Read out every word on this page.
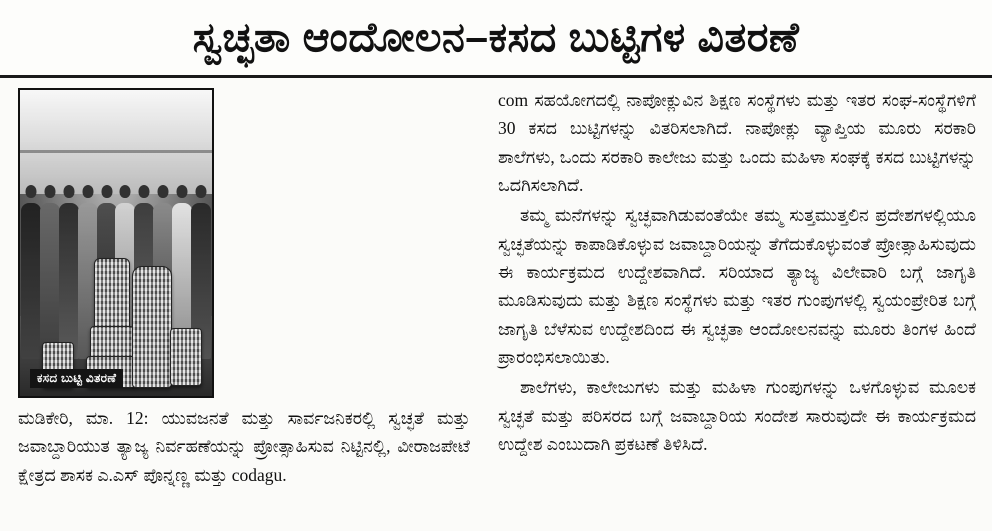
ಸ್ವಚ್ಛತಾ ಆಂದೋಲನ–ಕಸದ ಬುಟ್ಟಿಗಳ ವಿತರಣೆ
ಕಸದ ಬುಟ್ಟಿ ವಿತರಣೆ

com ಸಹಯೋಗದಲ್ಲಿ ನಾಪೋಕ್ಲುವಿನ ಶಿಕ್ಷಣ ಸಂಸ್ಥೆಗಳು ಮತ್ತು ಇತರ ಸಂಘ-ಸಂಸ್ಥೆಗಳಿಗೆ 30 ಕಸದ ಬುಟ್ಟಿಗಳನ್ನು ವಿತರಿಸಲಾಗಿದೆ. ನಾಪೋಕ್ಲು ವ್ಯಾಪ್ತಿಯ ಮೂರು ಸರಕಾರಿ ಶಾಲೆಗಳು, ಒಂದು ಸರಕಾರಿ ಕಾಲೇಜು ಮತ್ತು ಒಂದು ಮಹಿಳಾ ಸಂಘಕ್ಕೆ ಕಸದ ಬುಟ್ಟಿಗಳನ್ನು ಒದಗಿಸಲಾಗಿದೆ.

ತಮ್ಮ ಮನೆಗಳನ್ನು ಸ್ವಚ್ಛವಾಗಿಡುವಂತೆಯೇ ತಮ್ಮ ಸುತ್ತಮುತ್ತಲಿನ ಪ್ರದೇಶಗಳಲ್ಲಿಯೂ ಸ್ವಚ್ಛತೆಯನ್ನು ಕಾಪಾಡಿಕೊಳ್ಳುವ ಜವಾಬ್ದಾರಿಯನ್ನು ತೆಗೆದುಕೊಳ್ಳುವಂತೆ ಪ್ರೋತ್ಸಾಹಿಸುವುದು ಈ ಕಾರ್ಯಕ್ರಮದ ಉದ್ದೇಶವಾಗಿದೆ. ಸರಿಯಾದ ತ್ಯಾಜ್ಯ ವಿಲೇವಾರಿ ಬಗ್ಗೆ ಜಾಗೃತಿ ಮೂಡಿಸುವುದು ಮತ್ತು ಶಿಕ್ಷಣ ಸಂಸ್ಥೆಗಳು ಮತ್ತು ಇತರ ಗುಂಪುಗಳಲ್ಲಿ ಸ್ವಯಂಪ್ರೇರಿತ ಬಗ್ಗೆ ಜಾಗೃತಿ ಬೆಳೆಸುವ ಉದ್ದೇಶದಿಂದ ಈ ಸ್ವಚ್ಛತಾ ಆಂದೋಲನವನ್ನು ಮೂರು ತಿಂಗಳ ಹಿಂದೆ ಪ್ರಾರಂಭಿಸಲಾಯಿತು.

ಶಾಲೆಗಳು, ಕಾಲೇಜುಗಳು ಮತ್ತು ಮಹಿಳಾ ಗುಂಪುಗಳನ್ನು ಒಳಗೊಳ್ಳುವ ಮೂಲಕ ಸ್ವಚ್ಛತೆ ಮತ್ತು ಪರಿಸರದ ಬಗ್ಗೆ ಜವಾಬ್ದಾರಿಯ ಸಂದೇಶ ಸಾರುವುದೇ ಈ ಕಾರ್ಯಕ್ರಮದ ಉದ್ದೇಶ ಎಂಬುದಾಗಿ ಪ್ರಕಟಣೆ ತಿಳಿಸಿದೆ.

ಮಡಿಕೇರಿ, ಮಾ. 12: ಯುವಜನತೆ ಮತ್ತು ಸಾರ್ವಜನಿಕರಲ್ಲಿ ಸ್ವಚ್ಛತೆ ಮತ್ತು ಜವಾಬ್ದಾರಿಯುತ ತ್ಯಾಜ್ಯ ನಿರ್ವಹಣೆಯನ್ನು ಪ್ರೋತ್ಸಾಹಿಸುವ ನಿಟ್ಟಿನಲ್ಲಿ, ವೀರಾಜಪೇಟೆ ಕ್ಷೇತ್ರದ ಶಾಸಕ ಎ.ಎಸ್ ಪೊನ್ನಣ್ಣ ಮತ್ತು codagu.
